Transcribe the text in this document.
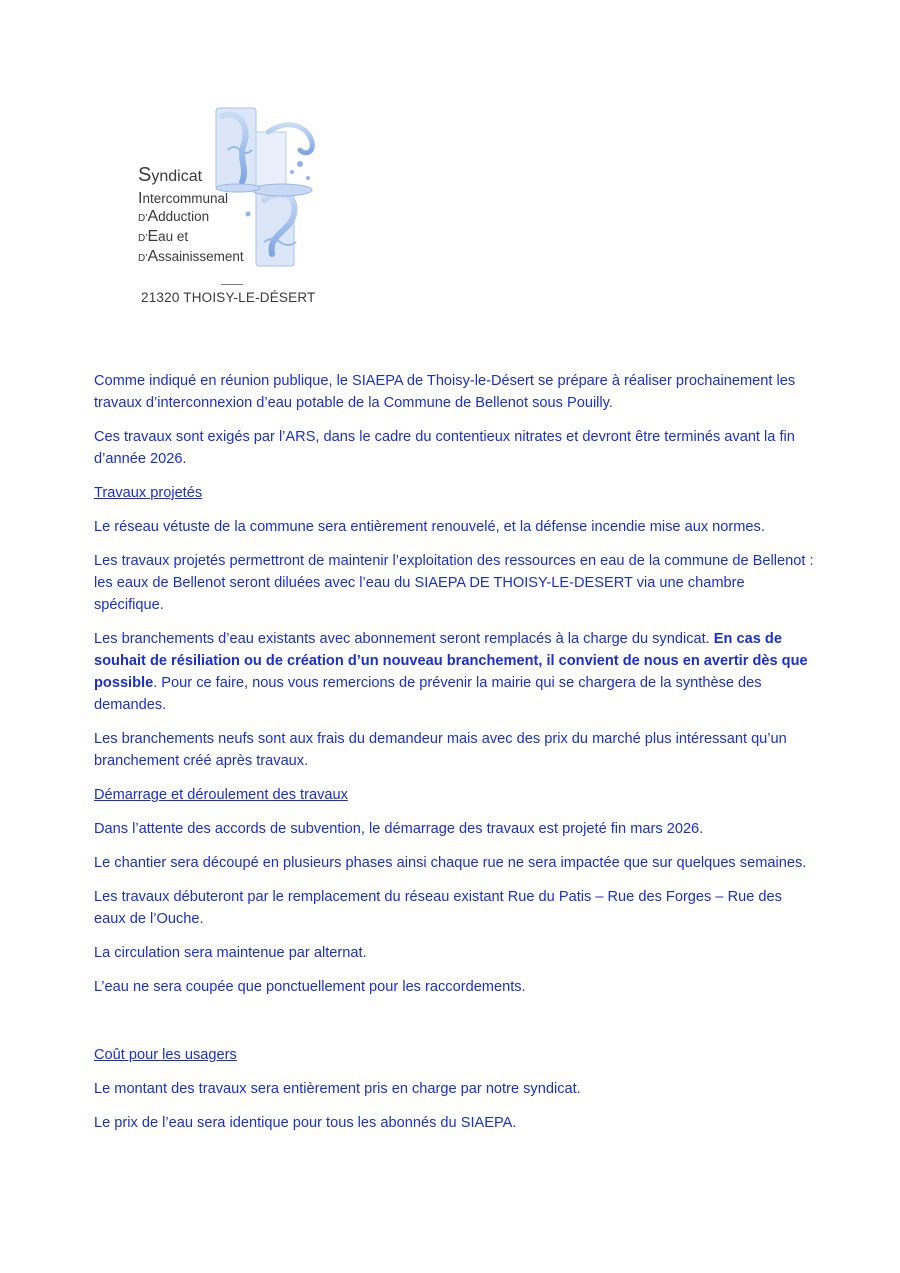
Syndicat
Intercommunal
D’Adduction
D’Eau et
D’Assainissement
21320 THOISY-LE-DÉSERT

Comme indiqué en réunion publique, le SIAEPA de Thoisy-le-Désert se prépare à réaliser prochainement les travaux d’interconnexion d’eau potable de la Commune de Bellenot sous Pouilly.

Ces travaux sont exigés par l’ARS, dans le cadre du contentieux nitrates et devront être terminés avant la fin d’année 2026.

Travaux projetés

Le réseau vétuste de la commune sera entièrement renouvelé, et la défense incendie mise aux normes.

Les travaux projetés permettront de maintenir l’exploitation des ressources en eau de la commune de Bellenot : les eaux de Bellenot seront diluées avec l’eau du SIAEPA DE THOISY-LE-DESERT via une chambre spécifique.

Les branchements d’eau existants avec abonnement seront remplacés à la charge du syndicat. En cas de souhait de résiliation ou de création d’un nouveau branchement, il convient de nous en avertir dès que possible. Pour ce faire, nous vous remercions de prévenir la mairie qui se chargera de la synthèse des demandes.

Les branchements neufs sont aux frais du demandeur mais avec des prix du marché plus intéressant qu’un branchement créé après travaux.

Démarrage et déroulement des travaux

Dans l’attente des accords de subvention, le démarrage des travaux est projeté fin mars 2026.

Le chantier sera découpé en plusieurs phases ainsi chaque rue ne sera impactée que sur quelques semaines.

Les travaux débuteront par le remplacement du réseau existant Rue du Patis – Rue des Forges – Rue des eaux de l’Ouche.

La circulation sera maintenue par alternat.

L’eau ne sera coupée que ponctuellement pour les raccordements.

Coût pour les usagers

Le montant des travaux sera entièrement pris en charge par notre syndicat.

Le prix de l’eau sera identique pour tous les abonnés du SIAEPA.
